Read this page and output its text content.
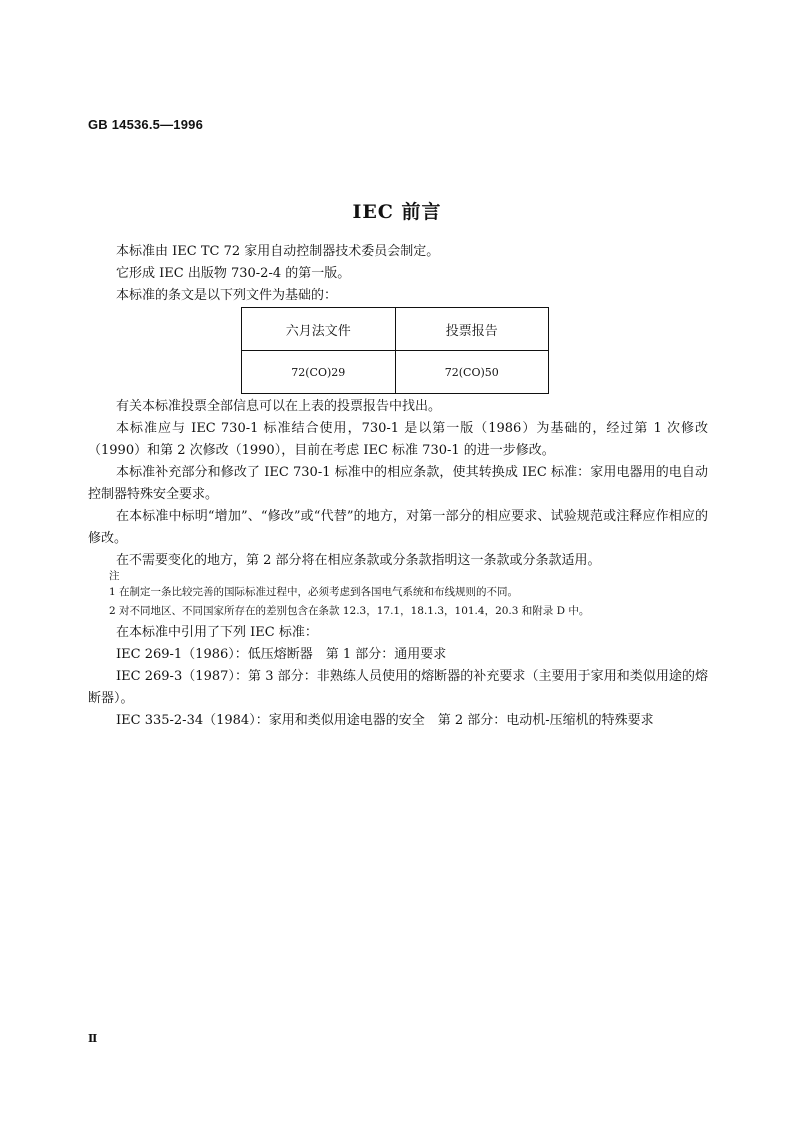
GB 14536.5—1996
IEC 前言
本标准由 IEC TC 72 家用自动控制器技术委员会制定。
它形成 IEC 出版物 730-2-4 的第一版。
本标准的条文是以下列文件为基础的：
六月法文件	投票报告
72(CO)29	72(CO)50
有关本标准投票全部信息可以在上表的投票报告中找出。
本标准应与 IEC 730-1 标准结合使用，730-1 是以第一版（1986）为基础的，经过第 1 次修改（1990）和第 2 次修改（1990），目前在考虑 IEC 标准 730-1 的进一步修改。
本标准补充部分和修改了 IEC 730-1 标准中的相应条款，使其转换成 IEC 标准：家用电器用的电自动控制器特殊安全要求。
在本标准中标明“增加”、“修改”或“代替”的地方，对第一部分的相应要求、试验规范或注释应作相应的修改。
在不需要变化的地方，第 2 部分将在相应条款或分条款指明这一条款或分条款适用。
注
1 在制定一条比较完善的国际标准过程中，必须考虑到各国电气系统和布线规则的不同。
2 对不同地区、不同国家所存在的差别包含在条款 12.3，17.1，18.1.3，101.4，20.3 和附录 D 中。
在本标准中引用了下列 IEC 标准：
IEC 269-1（1986）：低压熔断器　第 1 部分：通用要求
IEC 269-3（1987）：第 3 部分：非熟练人员使用的熔断器的补充要求（主要用于家用和类似用途的熔断器）。
IEC 335-2-34（1984）：家用和类似用途电器的安全　第 2 部分：电动机-压缩机的特殊要求
Ⅱ
